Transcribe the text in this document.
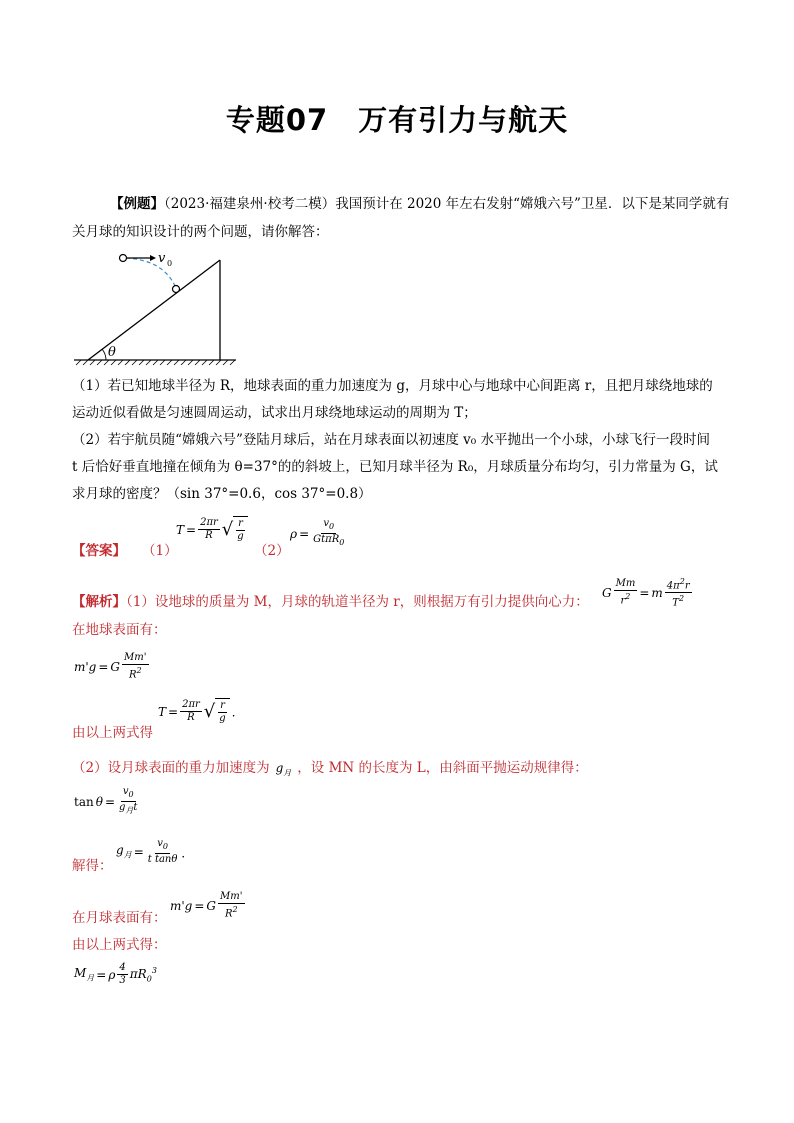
专题07　万有引力与航天
【例题】（2023·福建泉州·校考二模）我国预计在 2020 年左右发射“嫦娥六号”卫星．以下是某同学就有
关月球的知识设计的两个问题，请你解答：
θ
v 0
（1）若已知地球半径为 R，地球表面的重力加速度为 g，月球中心与地球中心间距离 r，且把月球绕地球的
运动近似看做是匀速圆周运动，试求出月球绕地球运动的周期为 T；
（2）若宇航员随“嫦娥六号”登陆月球后，站在月球表面以初速度 v₀ 水平抛出一个小球，小球飞行一段时间
t 后恰好垂直地撞在倾角为 θ=37°的的斜坡上，已知月球半径为 R₀，月球质量分布均匀，引力常量为 G，试
求月球的密度？（sin 37°=0.6，cos 37°=0.8）
【答案】 （1）
$T = \frac{2\pi r}{R}$ √ $\frac{r}{g}$
（2）
$\rho = \frac{v_0}{Gt\pi R_0}$
【解析】（1）设地球的质量为 M，月球的轨道半径为 r，则根据万有引力提供向心力：
G $\frac{Mm}{r^2} = m \frac{4\pi^2r}{T^2}$
在地球表面有：
m'g = G $\frac{Mm'}{R^2}$
由以上两式得
$T = \frac{2\pi r}{R}$ √ $\frac{r}{g}$ ．
（2）设月球表面的重力加速度为 $g_月$ ，设 MN 的长度为 L，由斜面平抛运动规律得：
$\tan \theta = \frac{v_0}{g_月t}$
解得：
$g_月 = \frac{v_0}{\text{t tanθ}}$ ．
在月球表面有：
m'g = G $\frac{Mm'}{R^2}$
由以上两式得：
$M_月 = \rho \frac{4}{3} \pi R_0^3$
